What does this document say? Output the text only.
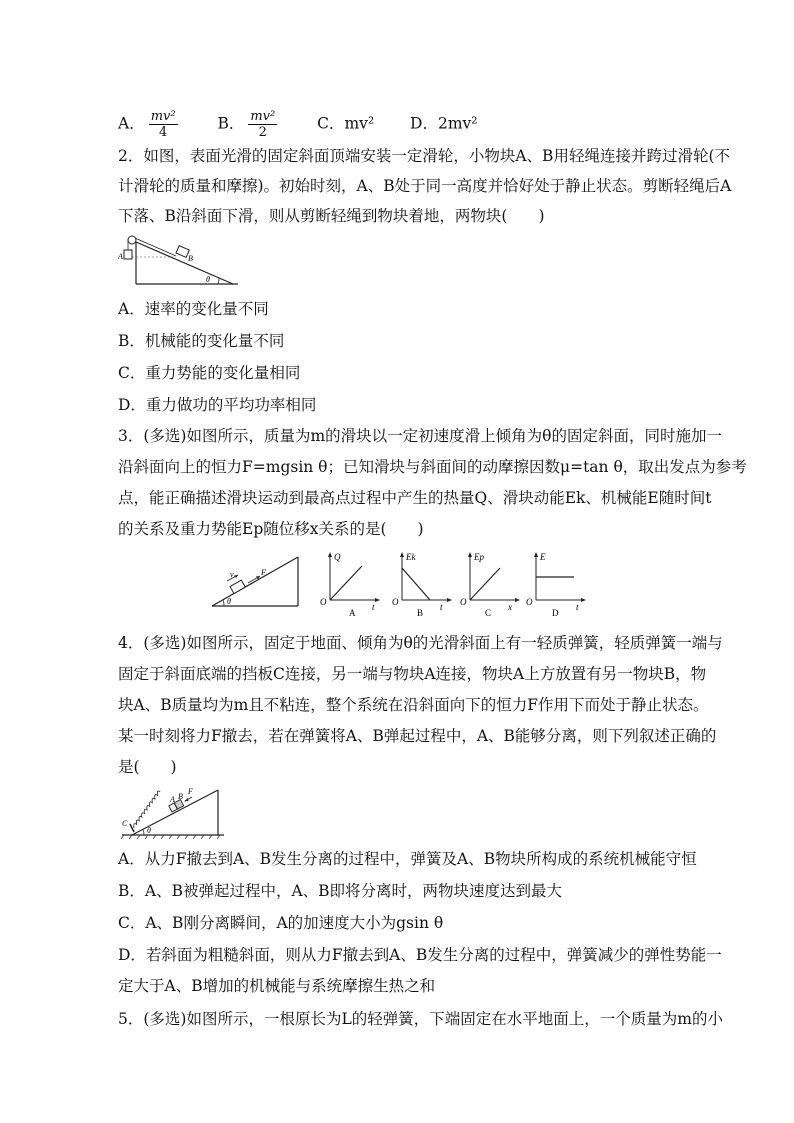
A． $\frac{\text{mv²}}{4}$	B． $\frac{\text{mv²}}{2}$	C．mv² D．2mv²
2．如图，表面光滑的固定斜面顶端安装一定滑轮，小物块A、B用轻绳连接并跨过滑轮(不
计滑轮的质量和摩擦)。初始时刻，A、B处于同一高度并恰好处于静止状态。剪断轻绳后A
下落、B沿斜面下滑，则从剪断轻绳到物块着地，两物块(　　)
A	B
θ
A．速率的变化量不同
B．机械能的变化量不同
C．重力势能的变化量相同
D．重力做功的平均功率相同
3．(多选)如图所示，质量为m的滑块以一定初速度滑上倾角为θ的固定斜面，同时施加一
沿斜面向上的恒力F=mgsin θ；已知滑块与斜面间的动摩擦因数μ=tan θ，取出发点为参考
点，能正确描述滑块运动到最高点过程中产生的热量Q、滑块动能Ek、机械能E随时间t
的关系及重力势能Ep随位移x关系的是(　　)
v	F
θ
Q
O	t
A
Ek
O	t
B
Ep
O	x
C
E
O	t
D
4．(多选)如图所示，固定于地面、倾角为θ的光滑斜面上有一轻质弹簧，轻质弹簧一端与
固定于斜面底端的挡板C连接，另一端与物块A连接，物块A上方放置有另一物块B，物
块A、B质量均为m且不粘连，整个系统在沿斜面向下的恒力F作用下而处于静止状态。
某一时刻将力F撤去，若在弹簧将A、B弹起过程中，A、B能够分离，则下列叙述正确的
是(　　)
C
A B
F
θ
A．从力F撤去到A、B发生分离的过程中，弹簧及A、B物块所构成的系统机械能守恒
B．A、B被弹起过程中，A、B即将分离时，两物块速度达到最大
C．A、B刚分离瞬间，A的加速度大小为gsin θ
D．若斜面为粗糙斜面，则从力F撤去到A、B发生分离的过程中，弹簧减少的弹性势能一
定大于A、B增加的机械能与系统摩擦生热之和
5．(多选)如图所示，一根原长为L的轻弹簧，下端固定在水平地面上，一个质量为m的小
